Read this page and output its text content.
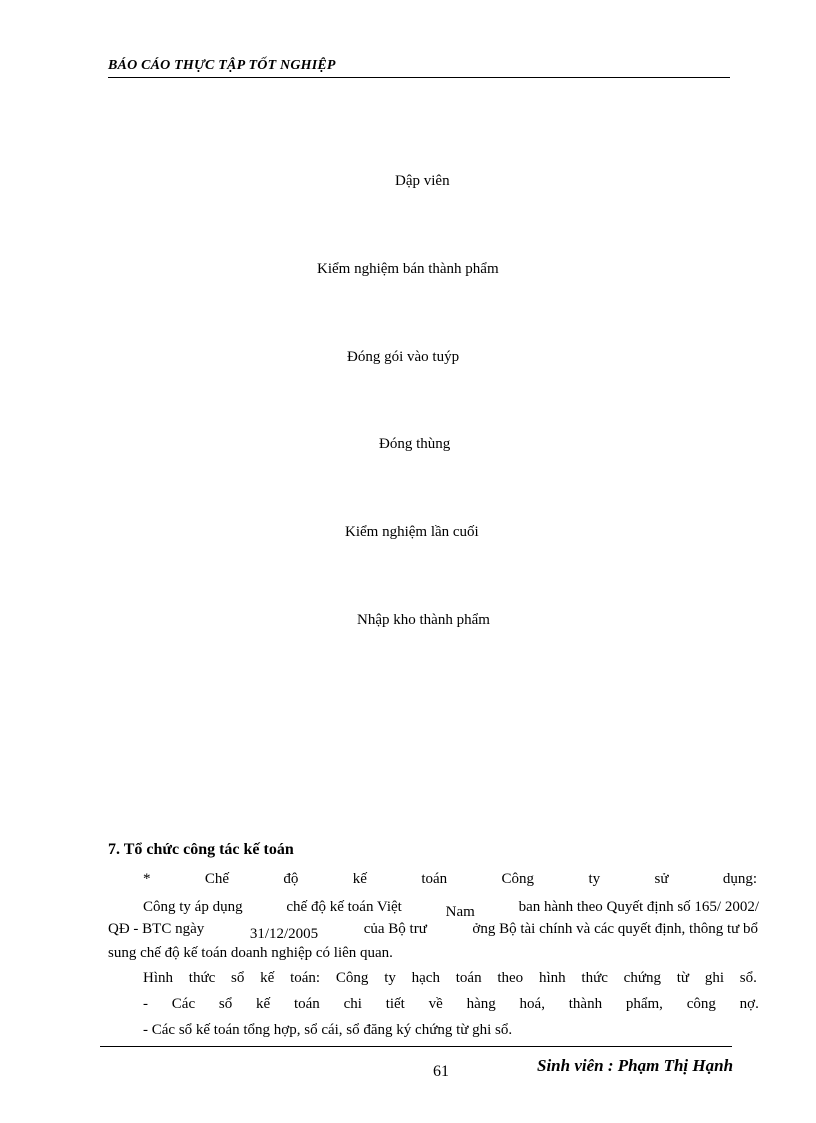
BÁO CÁO THỰC TẬP TỐT NGHIỆP
Dập viên
Kiểm nghiệm bán thành phẩm
Đóng gói vào tuýp
Đóng thùng
Kiểm nghiệm lần cuối
Nhập kho thành phẩm
7. Tổ chức công tác kế toán
*	Chế	độ	kế	toán	Công	ty	sử	dụng:
Công ty áp dụng	chế độ kế toán Việt	Nam	ban hành theo Quyết định số 165/ 2002/
QĐ - BTC ngày	31/12/2005	của Bộ trư	ởng Bộ tài chính và các quyết định, thông tư bổ
sung chế độ kế toán doanh nghiệp có liên quan.
Hình thức sổ kế toán: Công ty hạch toán theo hình thức chứng từ ghi sổ.
- Các sổ kế toán chi tiết về hàng hoá, thành phẩm, công nợ.
- Các sổ kế toán tổng hợp, sổ cái, sổ đăng ký chứng từ ghi sổ.
61	Sinh viên : Phạm Thị Hạnh
